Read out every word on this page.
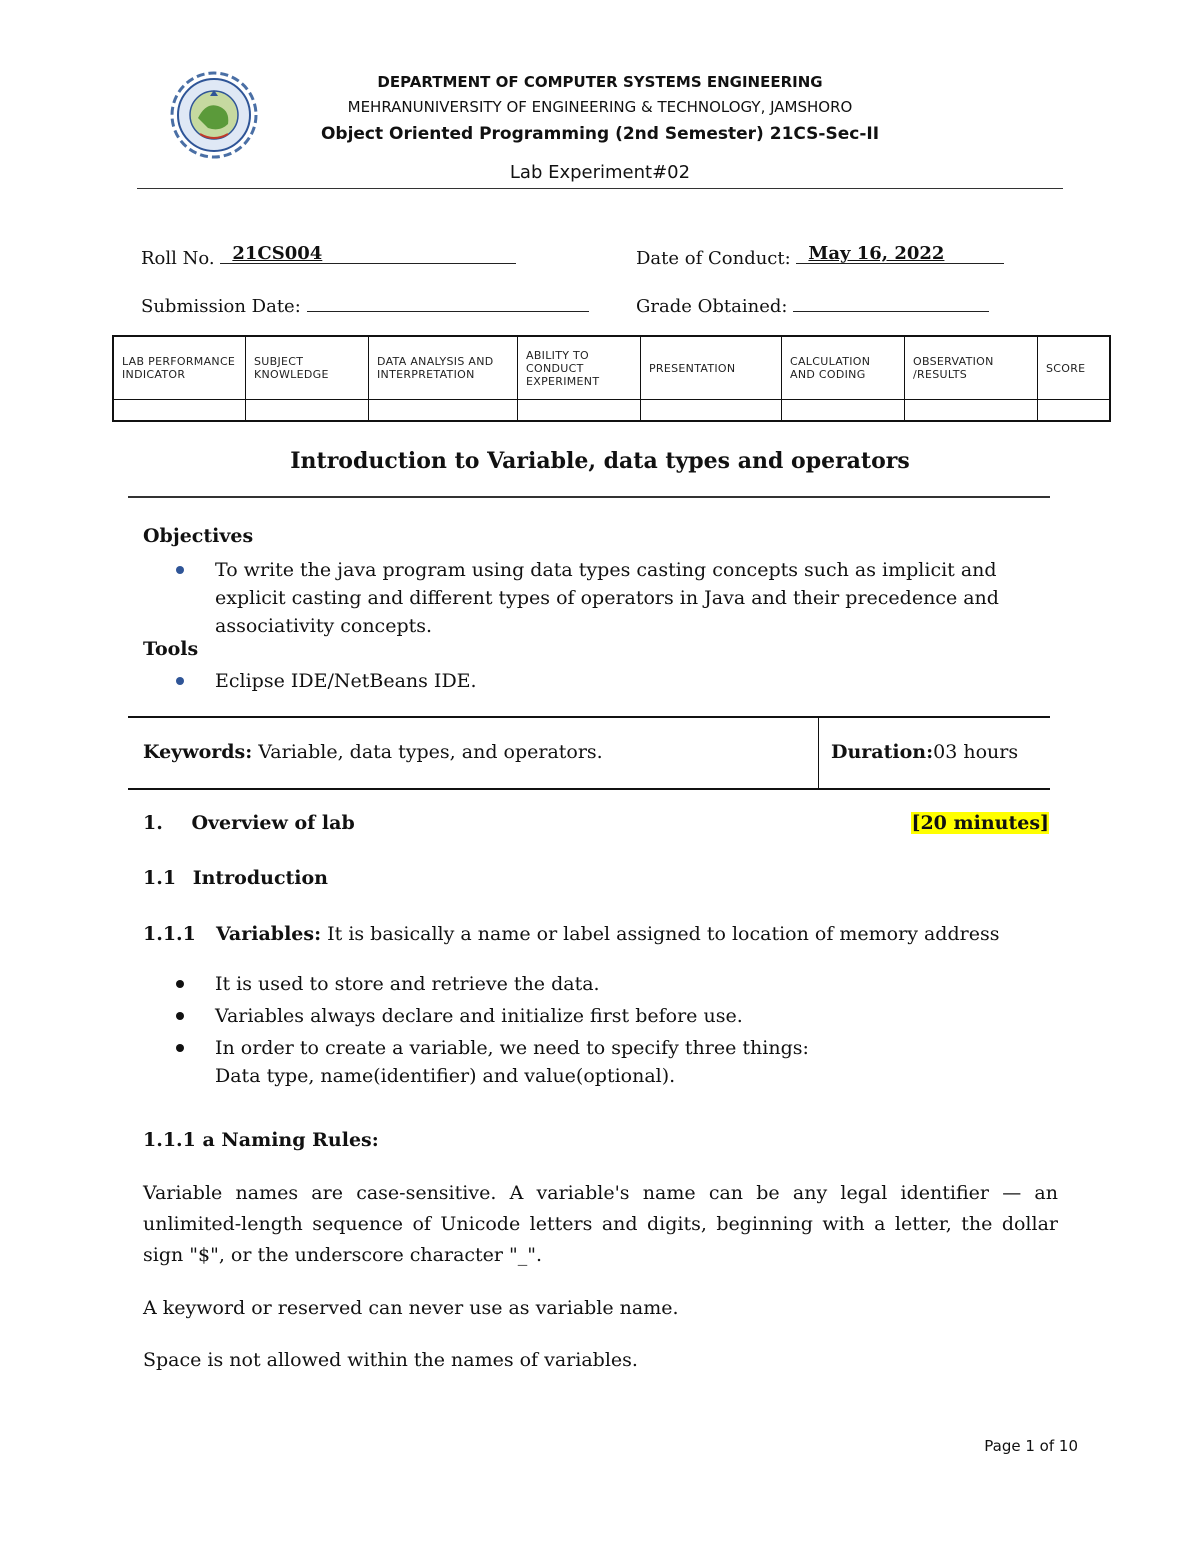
DEPARTMENT OF COMPUTER SYSTEMS ENGINEERING
MEHRANUNIVERSITY OF ENGINEERING & TECHNOLOGY, JAMSHORO
Object Oriented Programming (2nd Semester) 21CS-Sec-II
Lab Experiment#02
Roll No. 21CS004	Date of Conduct: May 16, 2022
Submission Date:	Grade Obtained:
LAB PERFORMANCE INDICATOR	SUBJECT KNOWLEDGE	DATA ANALYSIS AND INTERPRETATION	ABILITY TO CONDUCT EXPERIMENT	PRESENTATION	CALCULATION AND CODING	OBSERVATION /RESULTS	SCORE

Introduction to Variable, data types and operators
Objectives
To write the java program using data types casting concepts such as implicit and explicit casting and different types of operators in Java and their precedence and associativity concepts.
Tools
Eclipse IDE/NetBeans IDE.
Keywords: Variable, data types, and operators.	Duration:03 hours
1. Overview of lab	[20 minutes]
1.1 Introduction
1.1.1 Variables: It is basically a name or label assigned to location of memory address
It is used to store and retrieve the data.
Variables always declare and initialize first before use.
In order to create a variable, we need to specify three things:
Data type, name(identifier) and value(optional).
1.1.1 a Naming Rules:
Variable names are case-sensitive. A variable's name can be any legal identifier — an unlimited-length sequence of Unicode letters and digits, beginning with a letter, the dollar sign "$", or the underscore character "_".
A keyword or reserved can never use as variable name.
Space is not allowed within the names of variables.
Page 1 of 10
